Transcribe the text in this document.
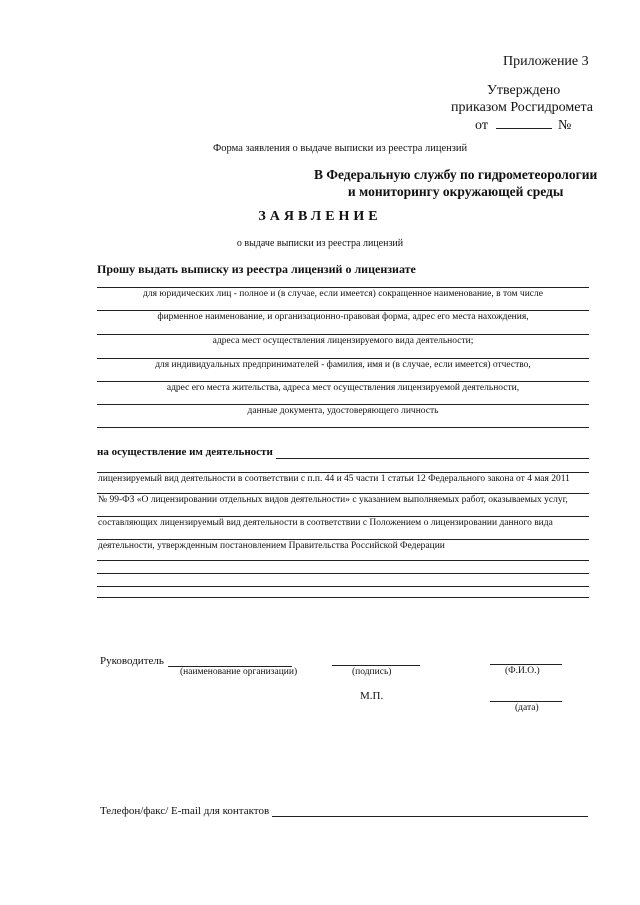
Приложение 3
Утверждено
приказом Росгидромета
от	№
Форма заявления о выдаче выписки из реестра лицензий
В Федеральную службу по гидрометеорологии
и мониторингу окружающей среды
ЗАЯВЛЕНИЕ
о выдаче выписки из реестра лицензий
Прошу выдать выписку из реестра лицензий о лицензиате
для юридических лиц - полное и (в случае, если имеется) сокращенное наименование, в том числе
фирменное наименование, и организационно-правовая форма, адрес его места нахождения,
адреса мест осуществления лицензируемого вида деятельности;
для индивидуальных предпринимателей - фамилия, имя и (в случае, если имеется) отчество,
адрес его места жительства, адреса мест осуществления лицензируемой деятельности,
данные документа, удостоверяющего личность
на осуществление им деятельности
лицензируемый вид деятельности в соответствии с п.п. 44 и 45 части 1 статьи 12 Федерального закона от 4 мая 2011
№ 99-ФЗ «О лицензировании отдельных видов деятельности» с указанием выполняемых работ, оказываемых услуг,
составляющих лицензируемый вид деятельности в соответствии с Положением о лицензировании данного вида
деятельности, утвержденным постановлением Правительства Российской Федерации
Руководитель
(наименование организации)	(подпись)	(Ф.И.О.)
М.П.
(дата)
Телефон/факс/ E-mail для контактов
